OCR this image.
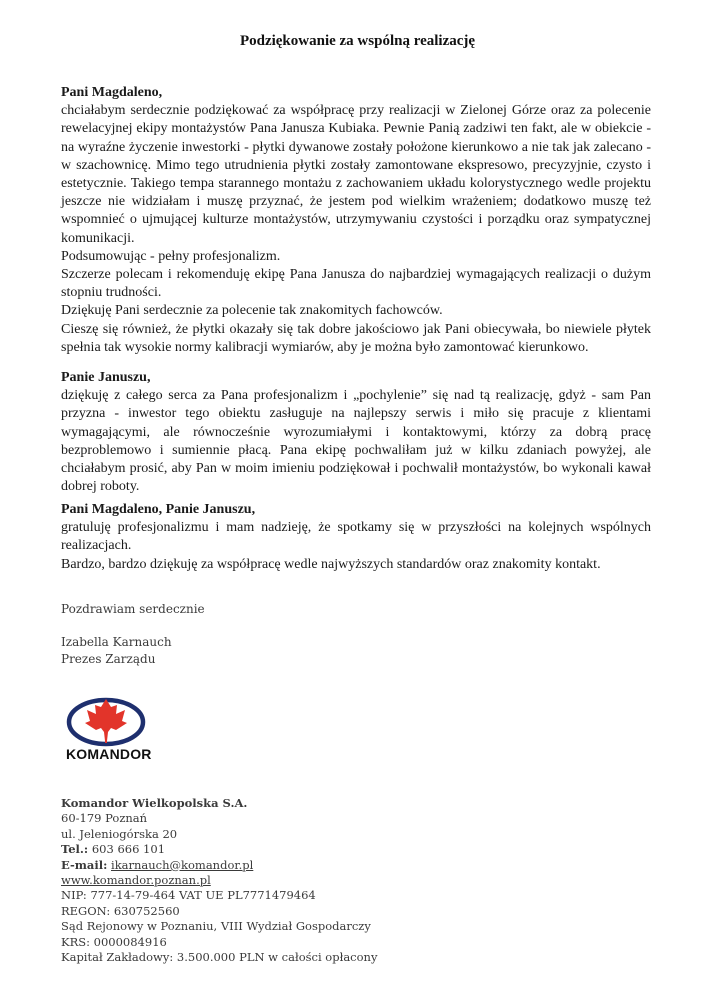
Podziękowanie za wspólną realizację

Pani Magdaleno,

chciałabym serdecznie podziękować za współpracę przy realizacji w Zielonej Górze oraz za polecenie rewelacyjnej ekipy montażystów Pana Janusza Kubiaka. Pewnie Panią zadziwi ten fakt, ale w obiekcie - na wyraźne życzenie inwestorki - płytki dywanowe zostały położone kierunkowo a nie tak jak zalecano - w szachownicę. Mimo tego utrudnienia płytki zostały zamontowane ekspresowo, precyzyjnie, czysto i estetycznie. Takiego tempa starannego montażu z zachowaniem układu kolorystycznego wedle projektu jeszcze nie widziałam i muszę przyznać, że jestem pod wielkim wrażeniem; dodatkowo muszę też wspomnieć o ujmującej kulturze montażystów, utrzymywaniu czystości i porządku oraz sympatycznej komunikacji.

Podsumowując - pełny profesjonalizm.

Szczerze polecam i rekomenduję ekipę Pana Janusza do najbardziej wymagających realizacji o dużym stopniu trudności.

Dziękuję Pani serdecznie za polecenie tak znakomitych fachowców.

Cieszę się również, że płytki okazały się tak dobre jakościowo jak Pani obiecywała, bo niewiele płytek spełnia tak wysokie normy kalibracji wymiarów, aby je można było zamontować kierunkowo.

Panie Januszu,

dziękuję z całego serca za Pana profesjonalizm i „pochylenie” się nad tą realizację, gdyż - sam Pan przyzna - inwestor tego obiektu zasługuje na najlepszy serwis i miło się pracuje z klientami wymagającymi, ale równocześnie wyrozumiałymi i kontaktowymi, którzy za dobrą pracę bezproblemowo i sumiennie płacą. Pana ekipę pochwaliłam już w kilku zdaniach powyżej, ale chciałabym prosić, aby Pan w moim imieniu podziękował i pochwalił montażystów, bo wykonali kawał dobrej roboty.

Pani Magdaleno, Panie Januszu,

gratuluję profesjonalizmu i mam nadzieję, że spotkamy się w przyszłości na kolejnych wspólnych realizacjach.

Bardzo, bardzo dziękuję za współpracę wedle najwyższych standardów oraz znakomity kontakt.

Pozdrawiam serdecznie
Izabella Karnauch
Prezes Zarządu
KOMANDOR
Komandor Wielkopolska S.A.
60-179 Poznań
ul. Jeleniogórska 20
Tel.: 603 666 101
E-mail: ikarnauch@komandor.pl
www.komandor.poznan.pl
NIP: 777-14-79-464 VAT UE PL7771479464
REGON: 630752560
Sąd Rejonowy w Poznaniu, VIII Wydział Gospodarczy
KRS: 0000084916
Kapitał Zakładowy: 3.500.000 PLN w całości opłacony
